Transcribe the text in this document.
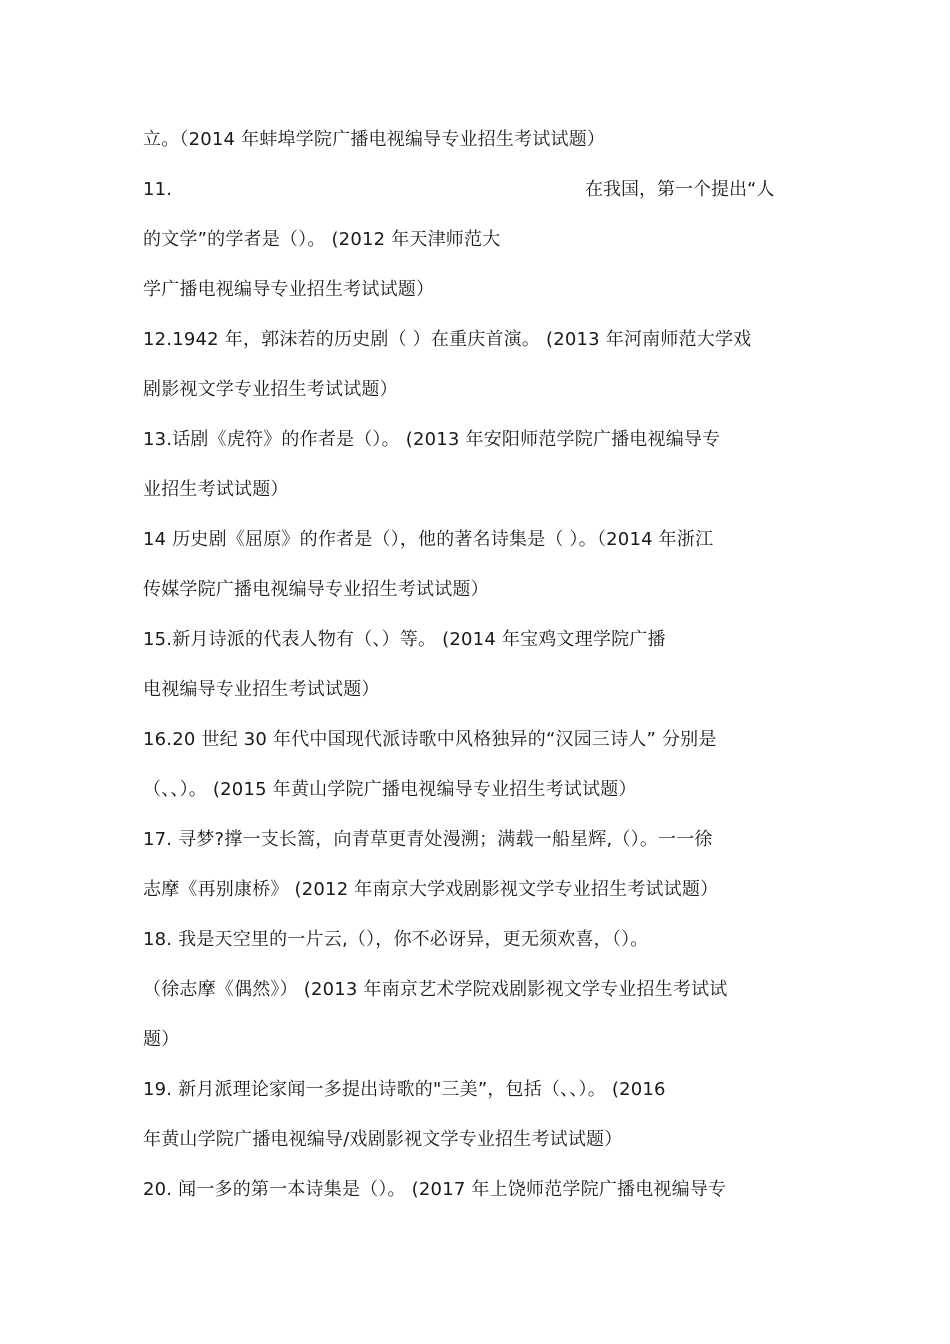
立。（2014 年蚌埠学院广播电视编导专业招生考试试题）
11.	在我国，第一个提出“人
的文学”的学者是（）。 (2012 年天津师范大
学广播电视编导专业招生考试试题）
12.1942 年，郭沫若的历史剧（ ）在重庆首演。 (2013 年河南师范大学戏
剧影视文学专业招生考试试题）
13.话剧《虎符》的作者是（）。 (2013 年安阳师范学院广播电视编导专
业招生考试试题）
14 历史剧《屈原》的作者是（），他的著名诗集是（ ）。（2014 年浙江
传媒学院广播电视编导专业招生考试试题）
15.新月诗派的代表人物有（、）等。 (2014 年宝鸡文理学院广播
电视编导专业招生考试试题）
16.20 世纪 30 年代中国现代派诗歌中风格独异的“汉园三诗人” 分别是
（、、）。 (2015 年黄山学院广播电视编导专业招生考试试题）
17. 寻梦?撑一支长篙，向青草更青处漫溯；满载一船星辉,（）。一一徐
志摩《再别康桥》 (2012 年南京大学戏剧影视文学专业招生考试试题）
18. 我是天空里的一片云,（），你不必讶异，更无须欢喜，（）。
（徐志摩《偶然》） (2013 年南京艺术学院戏剧影视文学专业招生考试试
题）
19. 新月派理论家闻一多提出诗歌的"三美”，包括（、、）。 (2016
年黄山学院广播电视编导/戏剧影视文学专业招生考试试题）
20. 闻一多的第一本诗集是（）。 (2017 年上饶师范学院广播电视编导专
